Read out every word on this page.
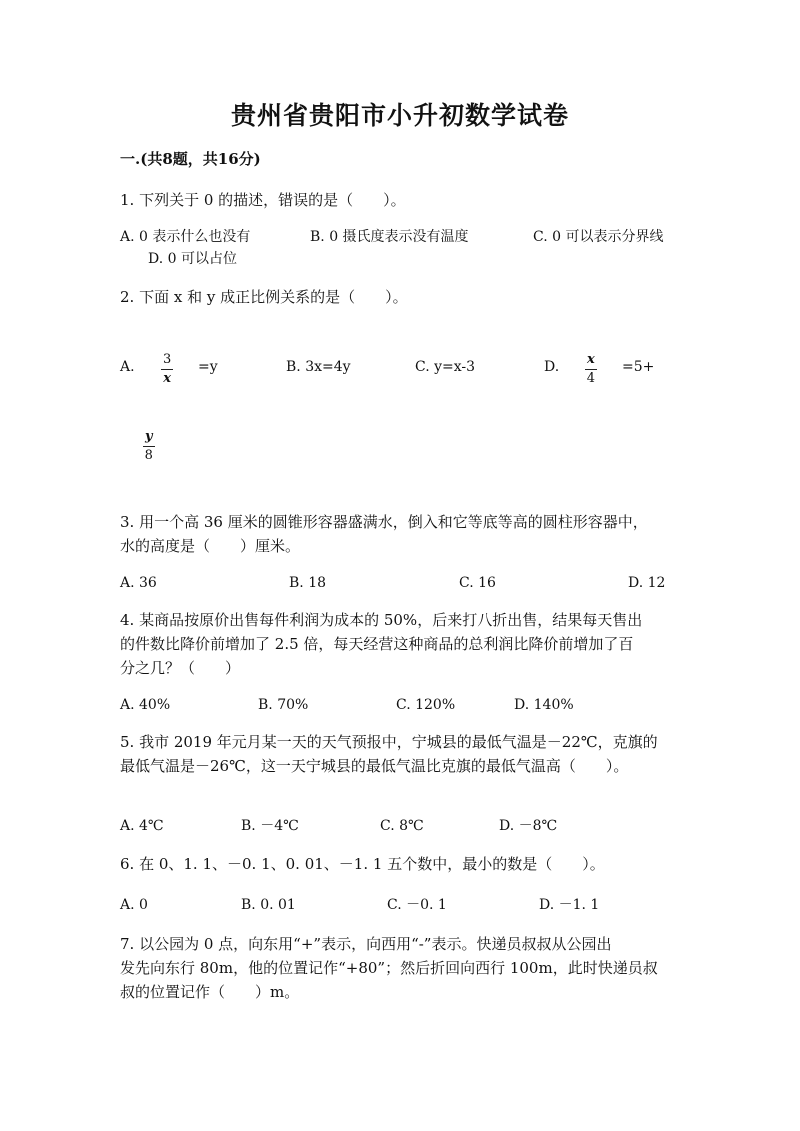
贵州省贵阳市小升初数学试卷
一.(共8题，共16分)
1. 下列关于 0 的描述，错误的是（　　）。
A. 0 表示什么也没有	B. 0 摄氏度表示没有温度	C. 0 可以表示分界线
D. 0 可以占位
2. 下面 x 和 y 成正比例关系的是（　　）。
A. $\frac{3}{x} =y$	B. 3x=4y	C. y=x-3	D. $\frac{x}{4} =5+$
$\frac{y}{8}$
3. 用一个高 36 厘米的圆锥形容器盛满水，倒入和它等底等高的圆柱形容器中，
水的高度是（　　）厘米。
A. 36	B. 18	C. 16	D. 12
4. 某商品按原价出售每件利润为成本的 50%，后来打八折出售，结果每天售出
的件数比降价前增加了 2.5 倍，每天经营这种商品的总利润比降价前增加了百
分之几？（　　）
A. 40%	B. 70%	C. 120%	D. 140%
5. 我市 2019 年元月某一天的天气预报中，宁城县的最低气温是－22℃，克旗的
最低气温是－26℃，这一天宁城县的最低气温比克旗的最低气温高（　　）。
A. 4℃	B. －4℃	C. 8℃	D. －8℃
6. 在 0、1. 1、－0. 1、0. 01、－1. 1 五个数中，最小的数是（　　）。
A. 0	B. 0. 01	C. －0. 1	D. －1. 1
7. 以公园为 0 点，向东用“+”表示，向西用“-”表示。快递员叔叔从公园出
发先向东行 80m，他的位置记作“+80”；然后折回向西行 100m，此时快递员叔
叔的位置记作（　　）m。
